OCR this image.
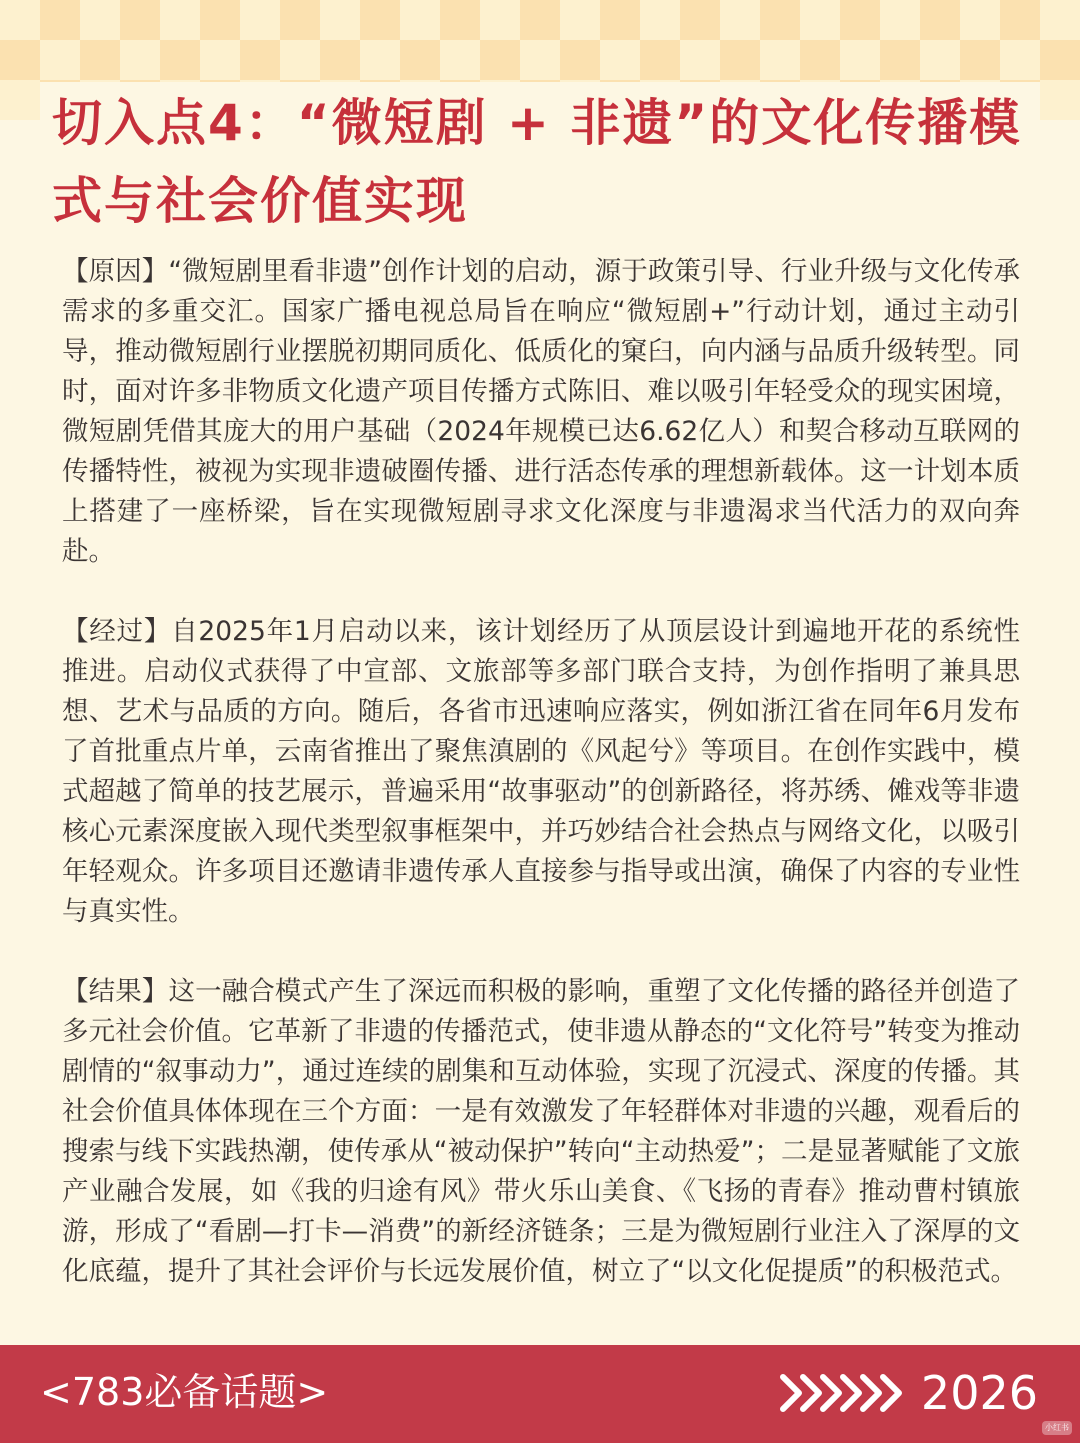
切入点4：“微短剧 + 非遗”的文化传播模式与社会价值实现

【原因】“微短剧里看非遗”创作计划的启动，源于政策引导、行业升级与文化传承需求的多重交汇。国家广播电视总局旨在响应“微短剧+”行动计划，通过主动引导，推动微短剧行业摆脱初期同质化、低质化的窠臼，向内涵与品质升级转型。同时，面对许多非物质文化遗产项目传播方式陈旧、难以吸引年轻受众的现实困境，微短剧凭借其庞大的用户基础（2024年规模已达6.62亿人）和契合移动互联网的传播特性，被视为实现非遗破圈传播、进行活态传承的理想新载体。这一计划本质上搭建了一座桥梁，旨在实现微短剧寻求文化深度与非遗渴求当代活力的双向奔赴。

【经过】自2025年1月启动以来，该计划经历了从顶层设计到遍地开花的系统性推进。启动仪式获得了中宣部、文旅部等多部门联合支持，为创作指明了兼具思想、艺术与品质的方向。随后，各省市迅速响应落实，例如浙江省在同年6月发布了首批重点片单，云南省推出了聚焦滇剧的《风起兮》等项目。在创作实践中，模式超越了简单的技艺展示，普遍采用“故事驱动”的创新路径，将苏绣、傩戏等非遗核心元素深度嵌入现代类型叙事框架中，并巧妙结合社会热点与网络文化，以吸引年轻观众。许多项目还邀请非遗传承人直接参与指导或出演，确保了内容的专业性与真实性。

【结果】这一融合模式产生了深远而积极的影响，重塑了文化传播的路径并创造了多元社会价值。它革新了非遗的传播范式，使非遗从静态的“文化符号”转变为推动剧情的“叙事动力”，通过连续的剧集和互动体验，实现了沉浸式、深度的传播。其社会价值具体体现在三个方面：一是有效激发了年轻群体对非遗的兴趣，观看后的搜索与线下实践热潮，使传承从“被动保护”转向“主动热爱”；二是显著赋能了文旅产业融合发展，如《我的归途有风》带火乐山美食、《飞扬的青春》推动曹村镇旅游，形成了“看剧—打卡—消费”的新经济链条；三是为微短剧行业注入了深厚的文化底蕴，提升了其社会评价与长远发展价值，树立了“以文化促提质”的积极范式。

<783必备话题>	2026
小红书
